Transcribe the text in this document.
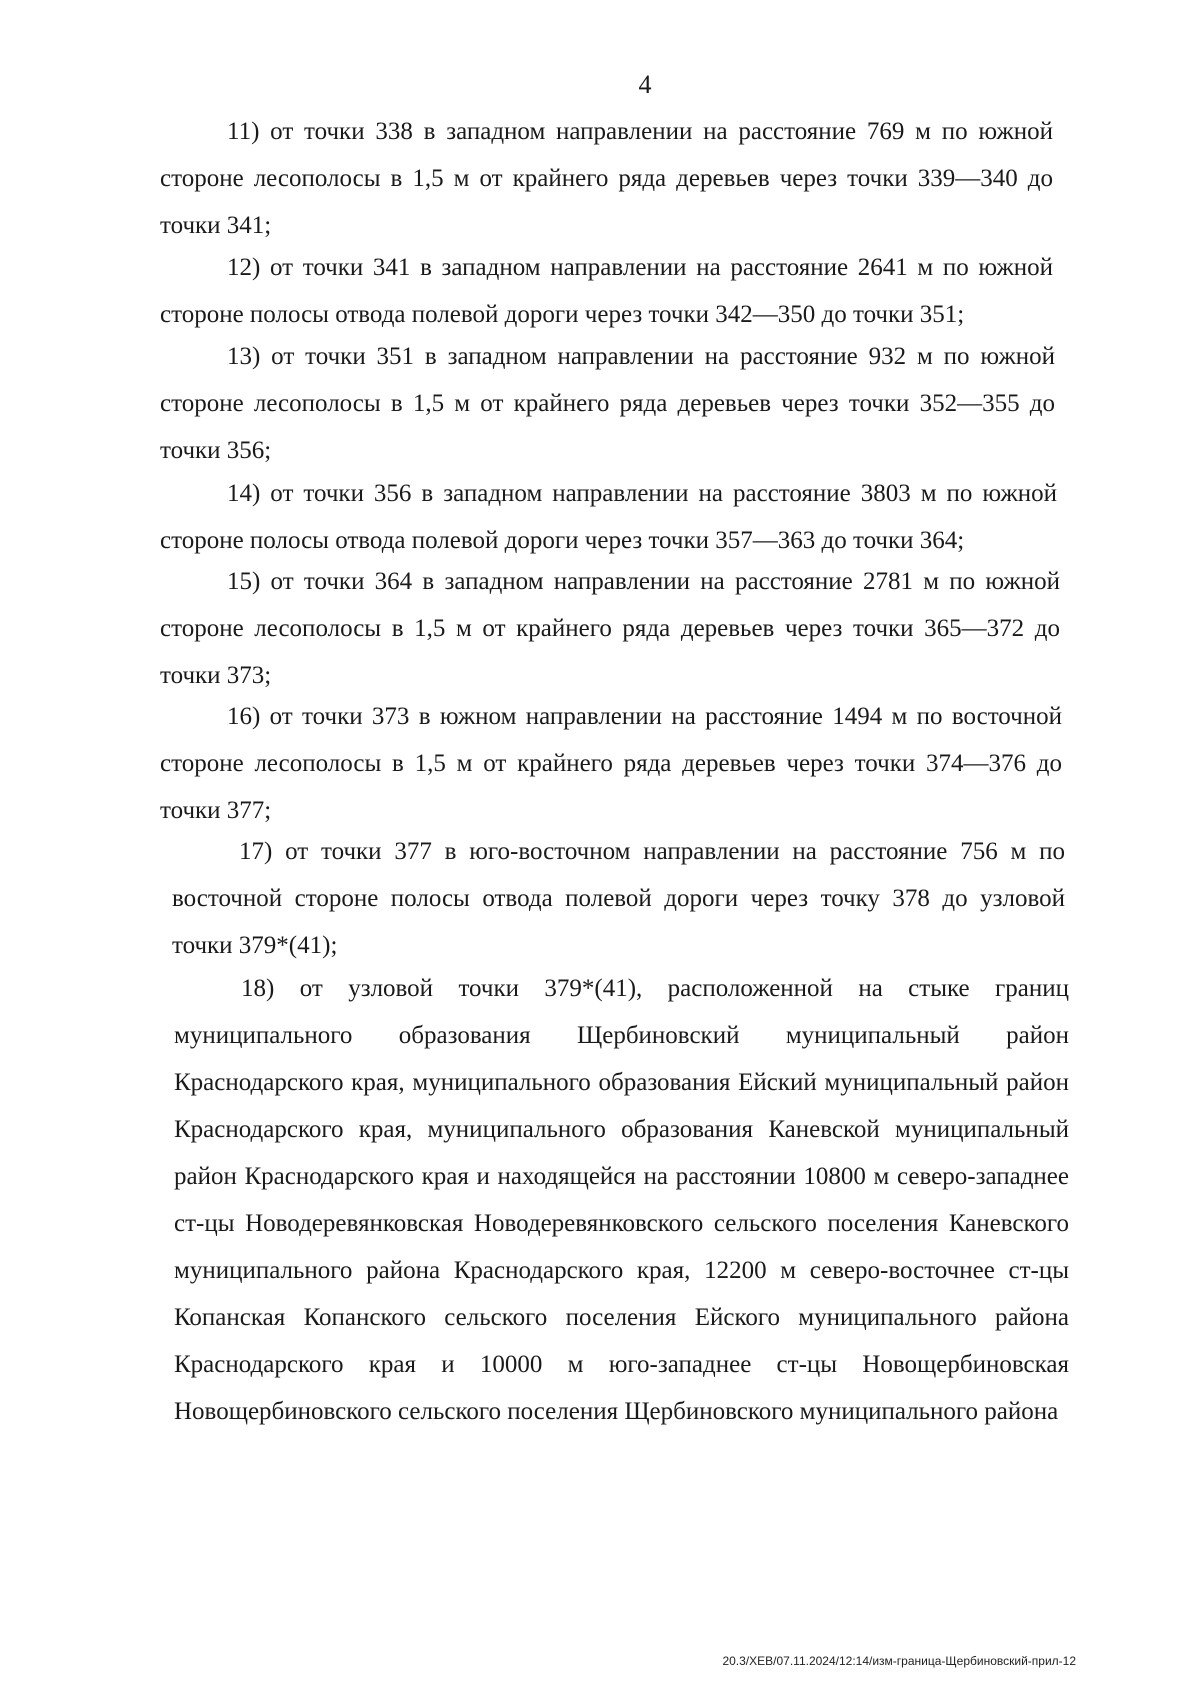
4

11) от точки 338 в западном направлении на расстояние 769 м по южной стороне лесополосы в 1,5 м от крайнего ряда деревьев через точки 339—340 до точки 341;

12) от точки 341 в западном направлении на расстояние 2641 м по южной стороне полосы отвода полевой дороги через точки 342—350 до точки 351;

13) от точки 351 в западном направлении на расстояние 932 м по южной стороне лесополосы в 1,5 м от крайнего ряда деревьев через точки 352—355 до точки 356;

14) от точки 356 в западном направлении на расстояние 3803 м по южной стороне полосы отвода полевой дороги через точки 357—363 до точки 364;

15) от точки 364 в западном направлении на расстояние 2781 м по южной стороне лесополосы в 1,5 м от крайнего ряда деревьев через точки 365—372 до точки 373;

16) от точки 373 в южном направлении на расстояние 1494 м по восточной стороне лесополосы в 1,5 м от крайнего ряда деревьев через точки 374—376 до точки 377;

17) от точки 377 в юго-восточном направлении на расстояние 756 м по восточной стороне полосы отвода полевой дороги через точку 378 до узловой точки 379*(41);

18) от узловой точки 379*(41), расположенной на стыке границ муниципального образования Щербиновский муниципальный район Краснодарского края, муниципального образования Ейский муниципальный район Краснодарского края, муниципального образования Каневской муниципальный район Краснодарского края и находящейся на расстоянии 10800 м северо-западнее ст-цы Новодеревянковская Новодеревянковского сельского поселения Каневского муниципального района Краснодарского края, 12200 м северо-восточнее ст-цы Копанская Копанского сельского поселения Ейского муниципального района Краснодарского края и 10000 м юго-западнее ст-цы Новощербиновская Новощербиновского сельского поселения Щербиновского муниципального района

20.3/ХЕВ/07.11.2024/12:14/изм-граница-Щербиновский-прил-12
